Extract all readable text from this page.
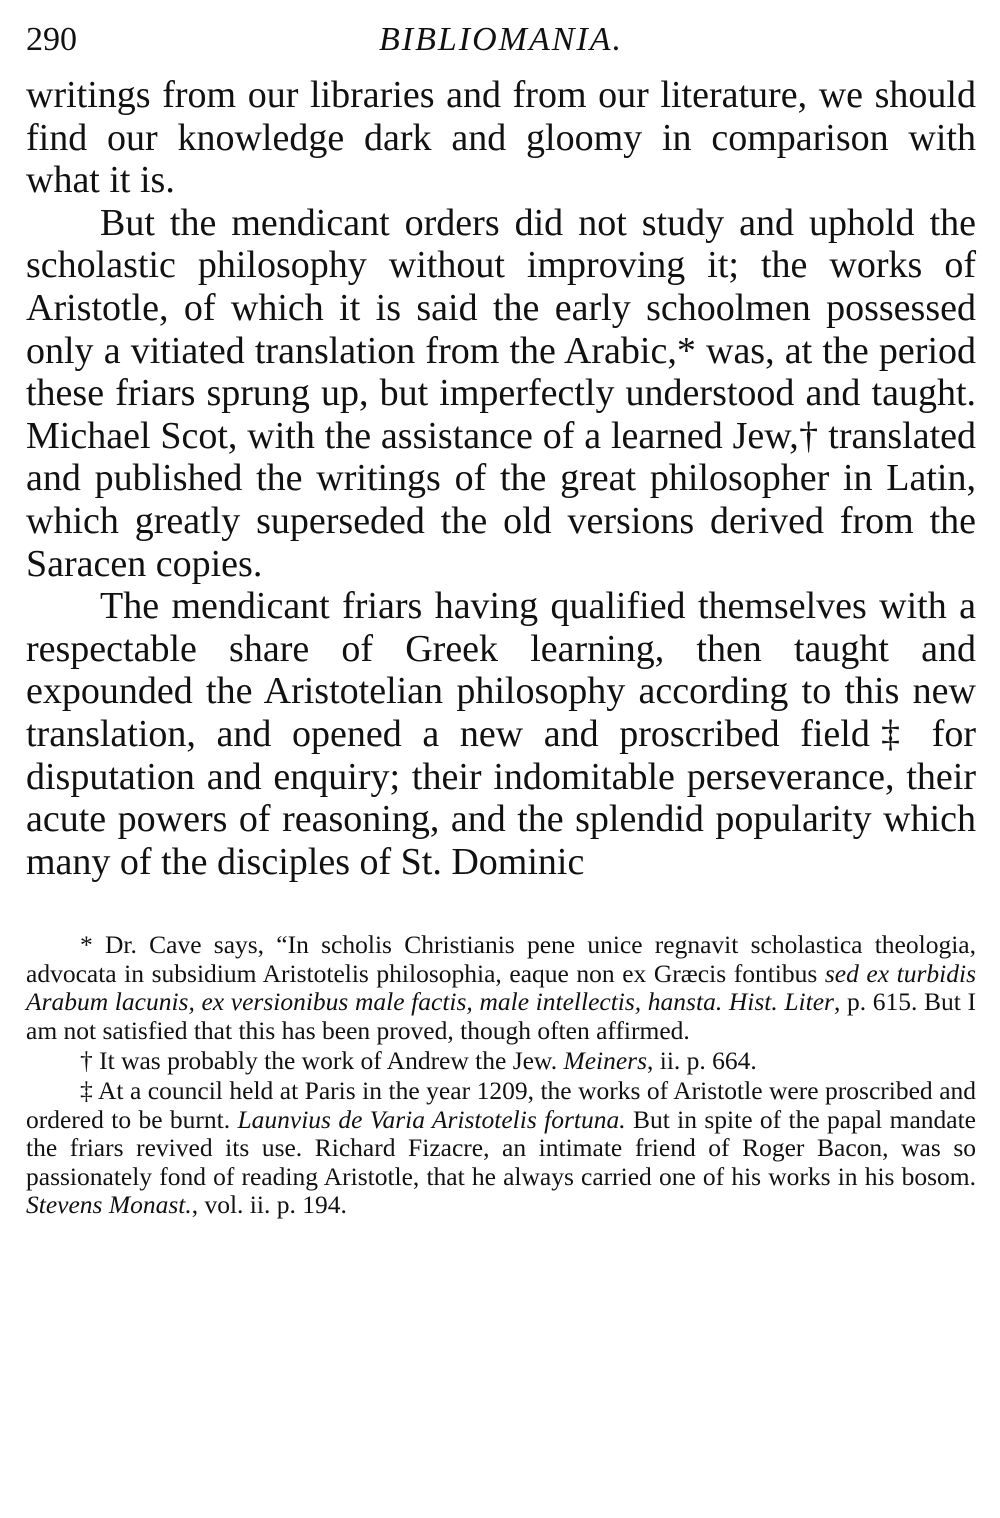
290	BIBLIOMANIA.

writings from our libraries and from our literature, we should find our knowledge dark and gloomy in comparison with what it is.

But the mendicant orders did not study and uphold the scholastic philosophy without improving it; the works of Aristotle, of which it is said the early schoolmen possessed only a vitiated translation from the Arabic,* was, at the period these friars sprung up, but imperfectly understood and taught. Michael Scot, with the assistance of a learned Jew,† translated and published the writings of the great philosopher in Latin, which greatly superseded the old versions derived from the Saracen copies.

The mendicant friars having qualified themselves with a respectable share of Greek learning, then taught and expounded the Aristotelian philosophy according to this new translation, and opened a new and proscribed field‡ for disputation and enquiry; their indomitable perseverance, their acute powers of reasoning, and the splendid popularity which many of the disciples of St. Dominic

* Dr. Cave says, “In scholis Christianis pene unice regnavit scholastica theologia, advocata in subsidium Aristotelis philosophia, eaque non ex Græcis fontibus sed ex turbidis Arabum lacunis, ex versionibus male factis, male intellectis, hansta. Hist. Liter, p. 615. But I am not satisfied that this has been proved, though often affirmed.

† It was probably the work of Andrew the Jew. Meiners, ii. p. 664.

‡ At a council held at Paris in the year 1209, the works of Aristotle were proscribed and ordered to be burnt. Launvius de Varia Aristotelis fortuna. But in spite of the papal mandate the friars revived its use. Richard Fizacre, an intimate friend of Roger Bacon, was so passionately fond of reading Aristotle, that he always carried one of his works in his bosom. Stevens Monast., vol. ii. p. 194.
